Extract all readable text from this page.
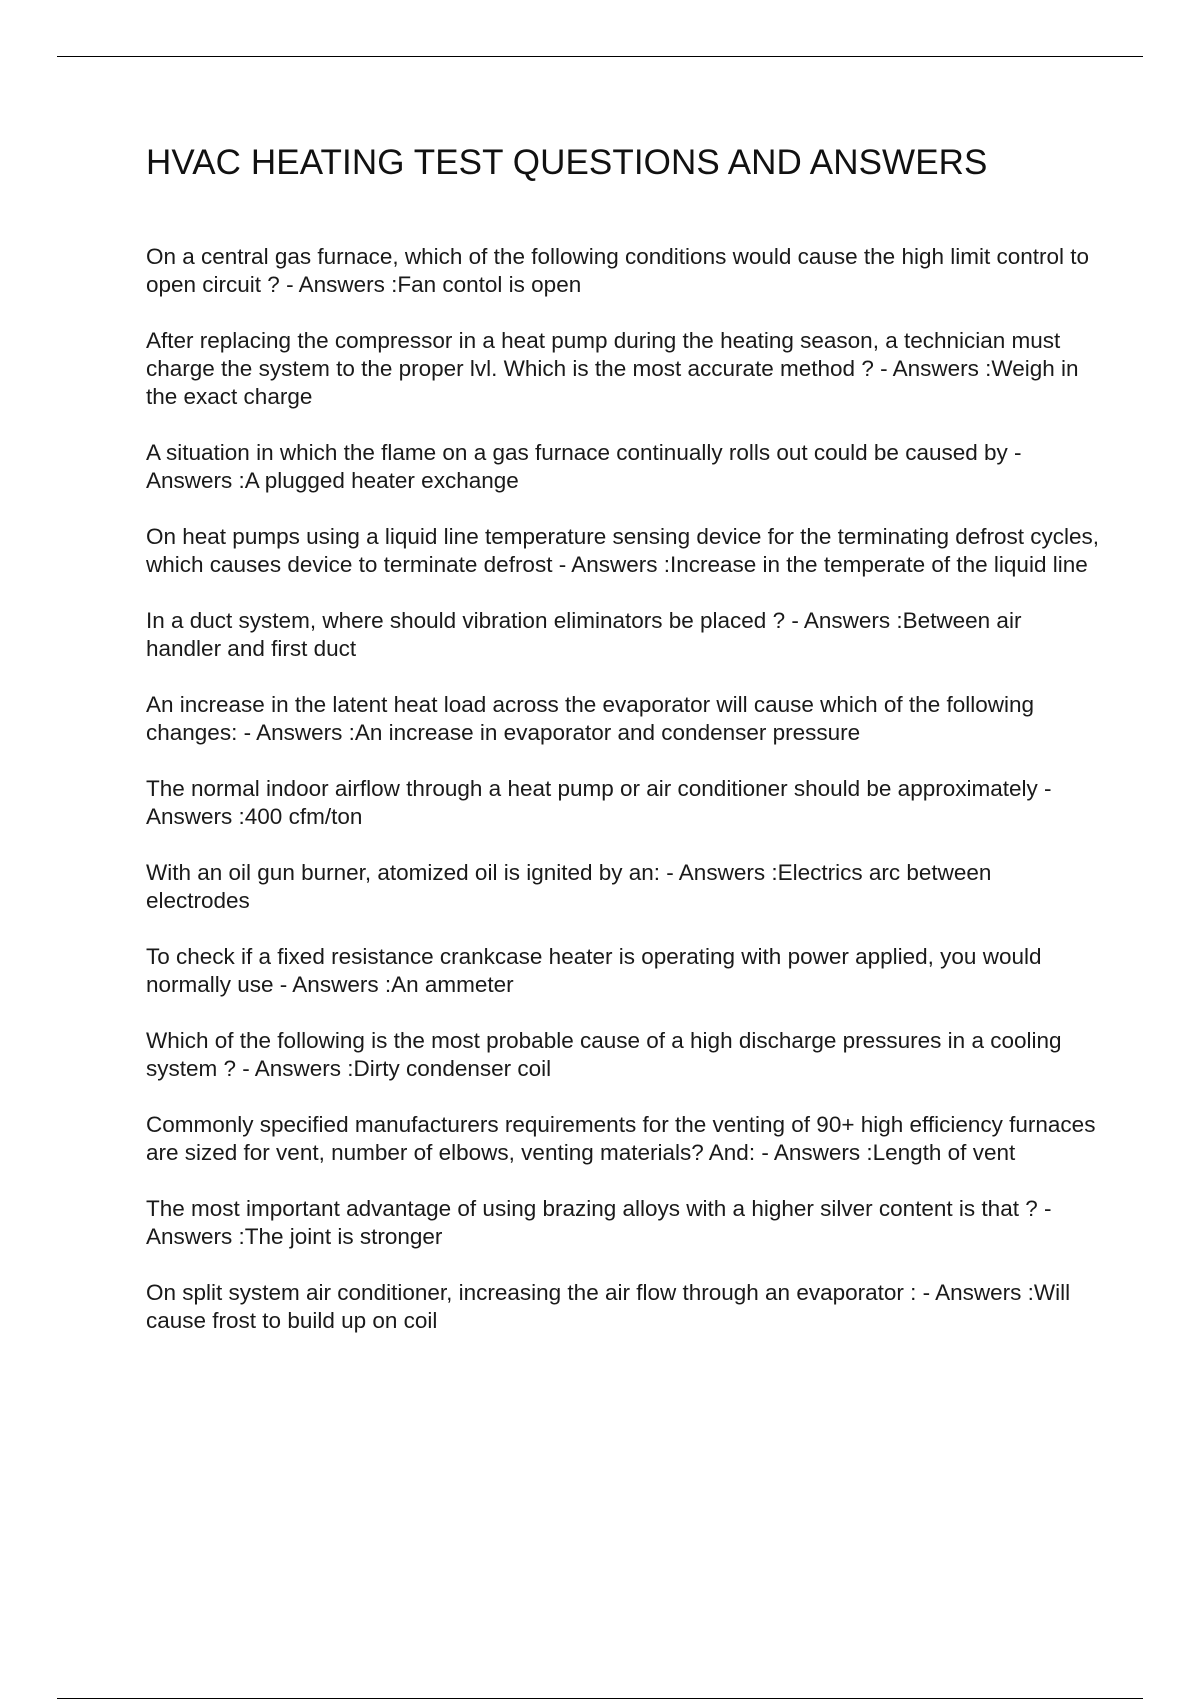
HVAC HEATING TEST QUESTIONS AND ANSWERS
On a central gas furnace, which of the following conditions would cause the high limit control to open circuit ? - Answers :Fan contol is open
After replacing the compressor in a heat pump during the heating season, a technician must charge the system to the proper lvl. Which is the most accurate method ? - Answers :Weigh in the exact charge
A situation in which the flame on a gas furnace continually rolls out could be caused by - Answers :A plugged heater exchange
On heat pumps using a liquid line temperature sensing device for the terminating defrost cycles, which causes device to terminate defrost - Answers :Increase in the temperate of the liquid line
In a duct system, where should vibration eliminators be placed ? - Answers :Between air handler and first duct
An increase in the latent heat load across the evaporator will cause which of the following changes: - Answers :An increase in evaporator and condenser pressure
The normal indoor airflow through a heat pump or air conditioner should be approximately - Answers :400 cfm/ton
With an oil gun burner, atomized oil is ignited by an: - Answers :Electrics arc between electrodes
To check if a fixed resistance crankcase heater is operating with power applied, you would normally use - Answers :An ammeter
Which of the following is the most probable cause of a high discharge pressures in a cooling system ? - Answers :Dirty condenser coil
Commonly specified manufacturers requirements for the venting of 90+ high efficiency furnaces are sized for vent, number of elbows, venting materials? And: - Answers :Length of vent
The most important advantage of using brazing alloys with a higher silver content is that ? - Answers :The joint is stronger
On split system air conditioner, increasing the air flow through an evaporator : - Answers :Will cause frost to build up on coil
